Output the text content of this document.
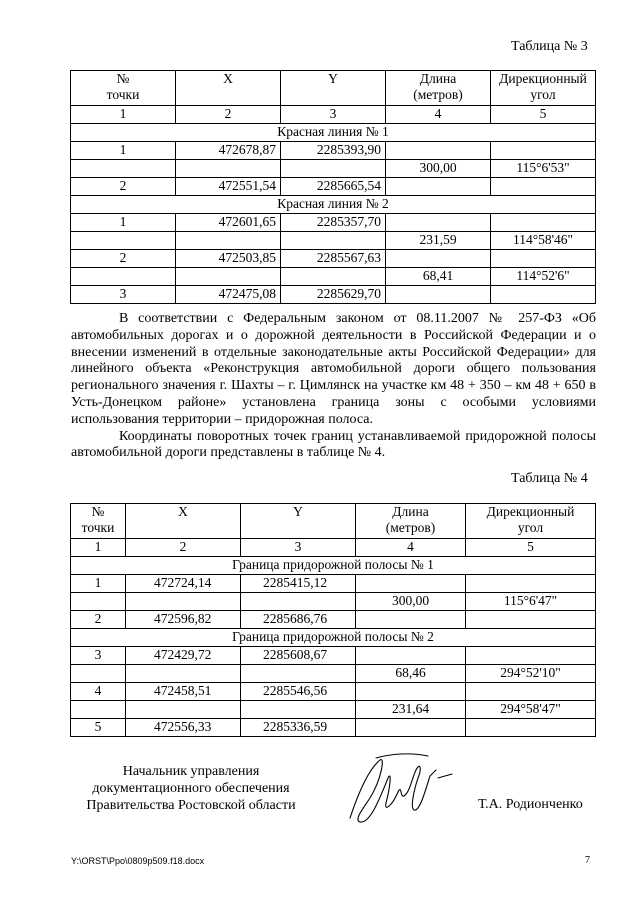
Таблица № 3
№
точки	X	Y	Длина
(метров)	Дирекционный
угол
1	2	3	4	5
Красная линия № 1				
1	472678,87	2285393,90		
			300,00	115°6'53"
2	472551,54	2285665,54		
Красная линия № 2				
1	472601,65	2285357,70		
			231,59	114°58'46"
2	472503,85	2285567,63		
			68,41	114°52'6"
3	472475,08	2285629,70		

В соответствии с Федеральным законом от 08.11.2007 № 257-ФЗ «Об автомобильных дорогах и о дорожной деятельности в Российской Федерации и о внесении изменений в отдельные законодательные акты Российской Федерации» для линейного объекта «Реконструкция автомобильной дороги общего пользования регионального значения г. Шахты – г. Цимлянск на участке км 48 + 350 – км 48 + 650 в Усть-Донецком районе» установлена граница зоны с особыми условиями использования территории – придорожная полоса.

Координаты поворотных точек границ устанавливаемой придорожной полосы автомобильной дороги представлены в таблице № 4.

Таблица № 4
№
точки	X	Y	Длина
(метров)	Дирекционный
угол
1	2	3	4	5
Граница придорожной полосы № 1				
1	472724,14	2285415,12		
			300,00	115°6'47"
2	472596,82	2285686,76		
Граница придорожной полосы № 2				
3	472429,72	2285608,67		
			68,46	294°52'10"
4	472458,51	2285546,56		
			231,64	294°58'47"
5	472556,33	2285336,59		
Начальник управления
документационного обеспечения
Правительства Ростовской области	Т.А. Родионченко
Y:\ORST\Ppo\0809p509.f18.docx	7
